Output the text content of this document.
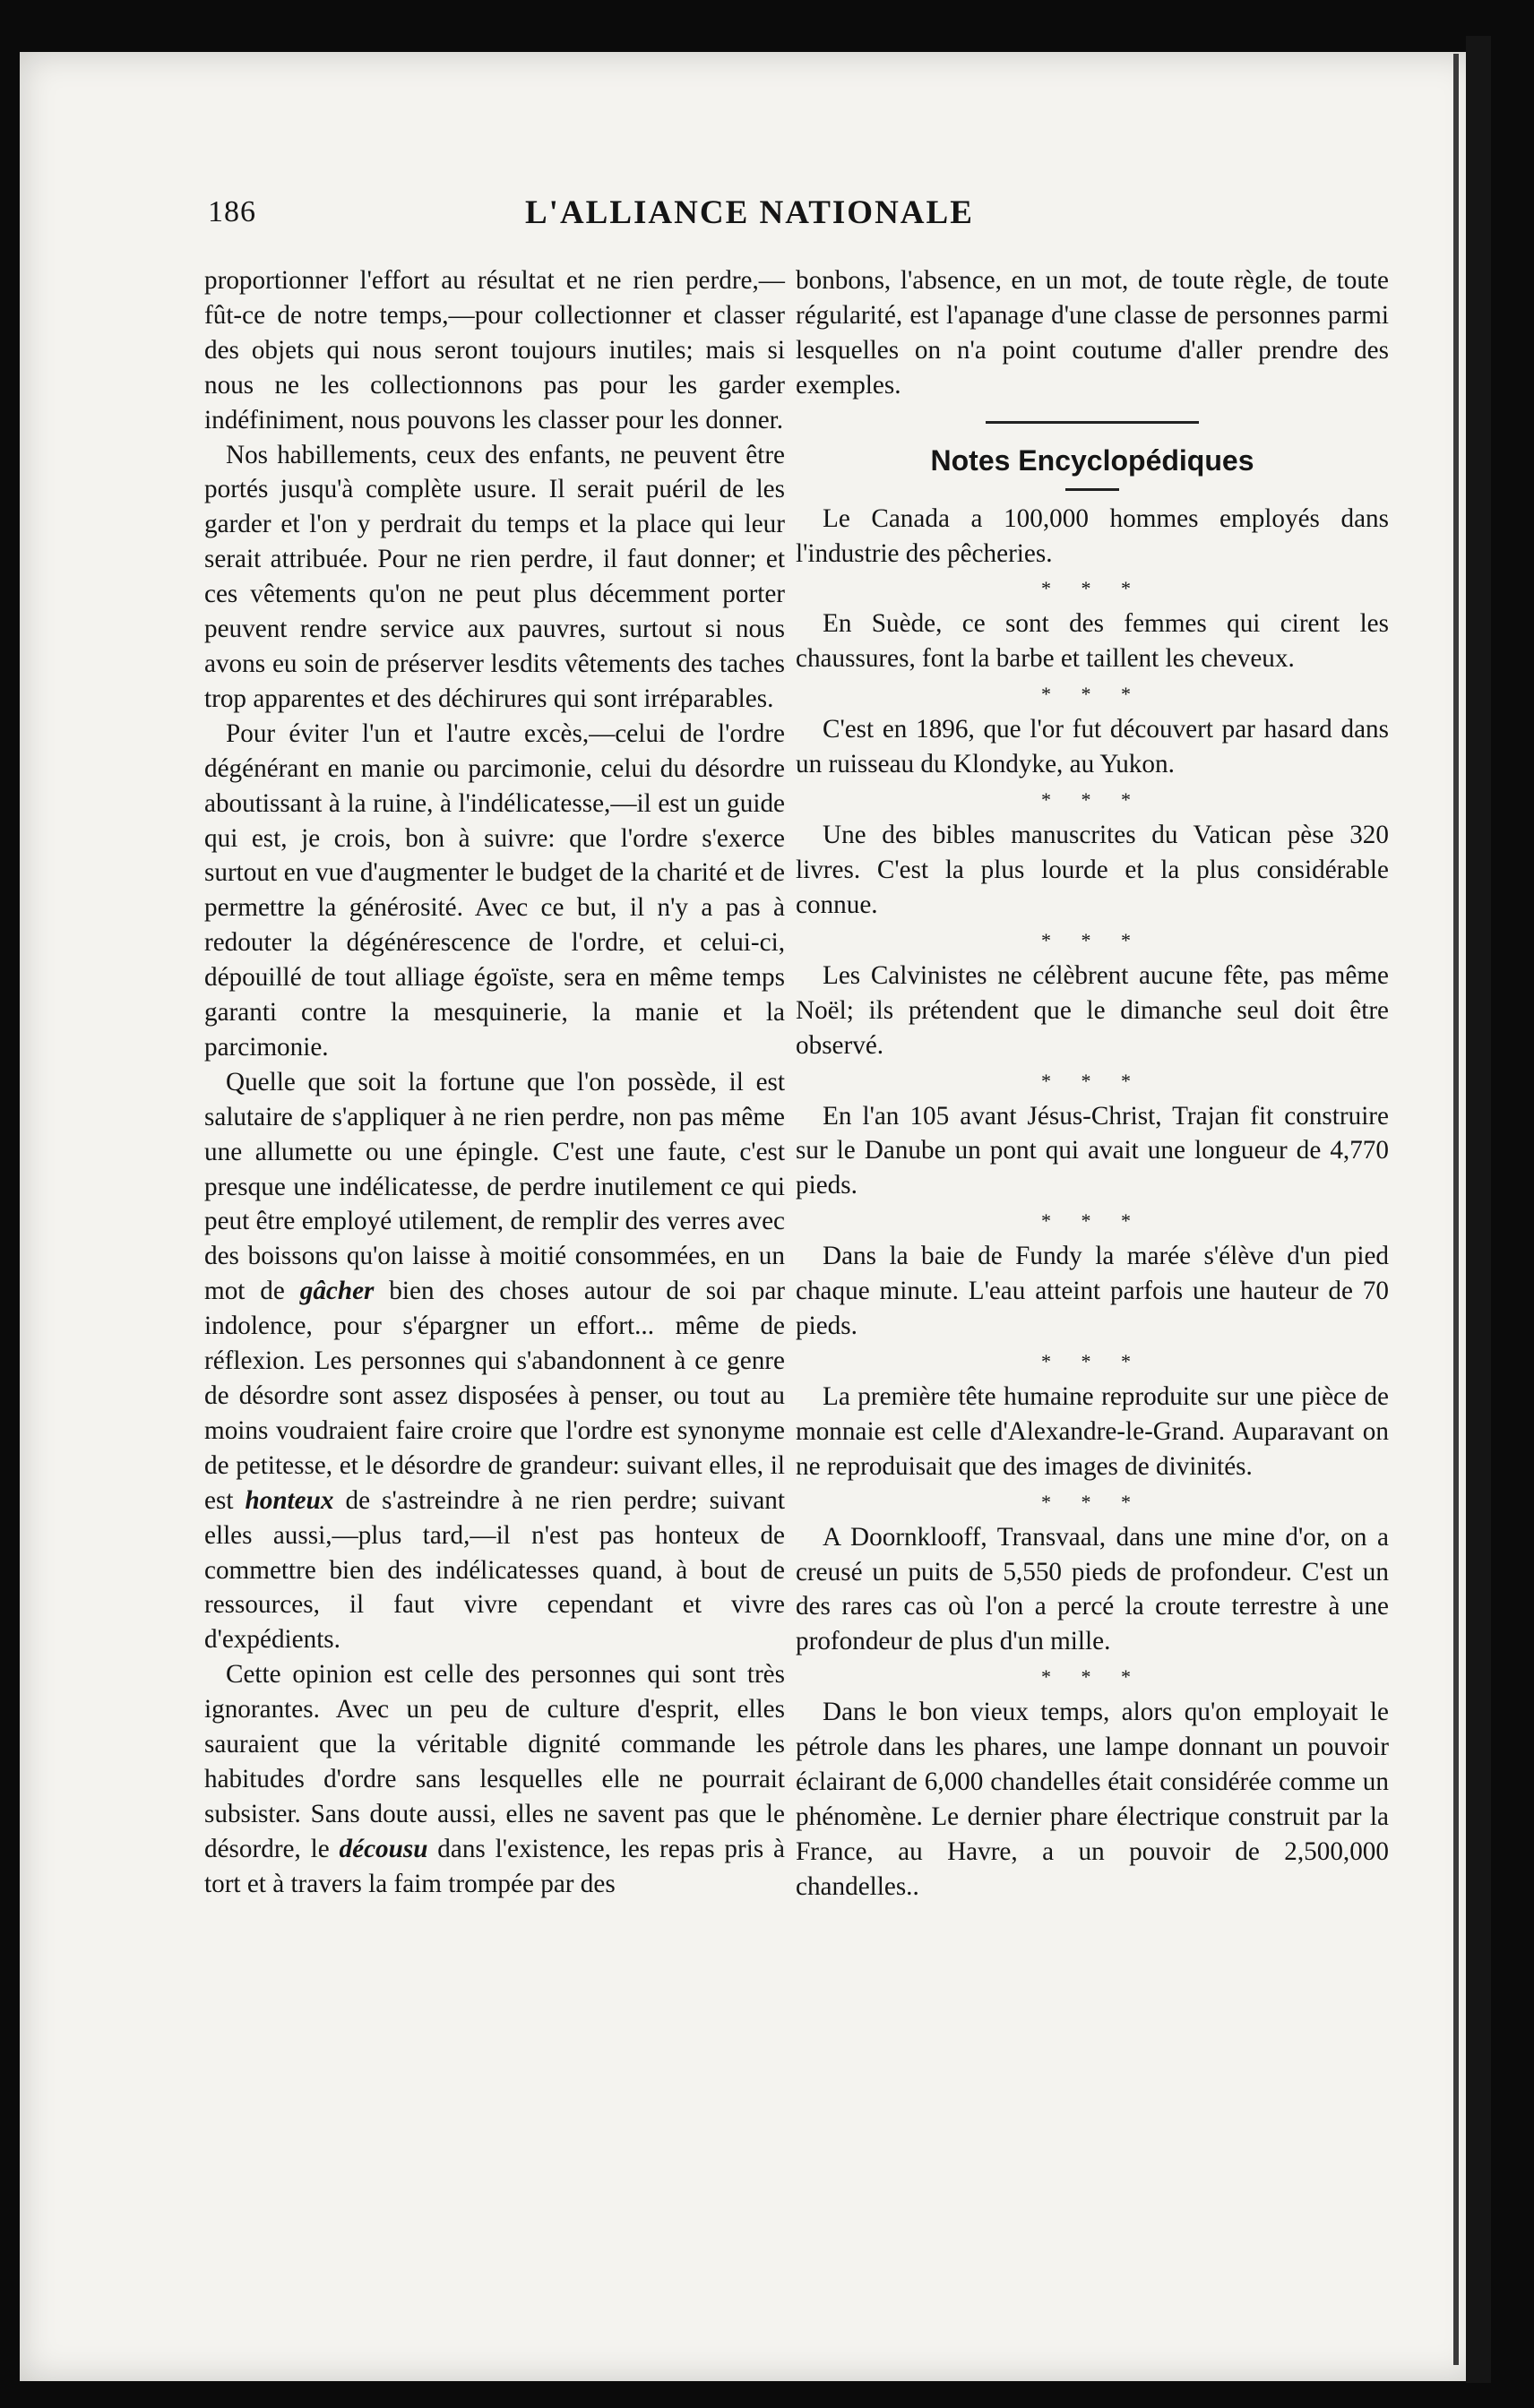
186	L'ALLIANCE NATIONALE

proportionner l'effort au résultat et ne rien perdre,—fût-ce de notre temps,—pour collectionner et classer des objets qui nous seront toujours inutiles; mais si nous ne les collectionnons pas pour les garder indéfiniment, nous pouvons les classer pour les donner.

Nos habillements, ceux des enfants, ne peuvent être portés jusqu'à complète usure. Il serait puéril de les garder et l'on y perdrait du temps et la place qui leur serait attribuée. Pour ne rien perdre, il faut donner; et ces vêtements qu'on ne peut plus décemment porter peuvent rendre service aux pauvres, surtout si nous avons eu soin de préserver lesdits vêtements des taches trop apparentes et des déchirures qui sont irréparables.

Pour éviter l'un et l'autre excès,—celui de l'ordre dégénérant en manie ou parcimonie, celui du désordre aboutissant à la ruine, à l'indélicatesse,—il est un guide qui est, je crois, bon à suivre: que l'ordre s'exerce surtout en vue d'augmenter le budget de la charité et de permettre la générosité. Avec ce but, il n'y a pas à redouter la dégénérescence de l'ordre, et celui-ci, dépouillé de tout alliage égoïste, sera en même temps garanti contre la mesquinerie, la manie et la parcimonie.

Quelle que soit la fortune que l'on possède, il est salutaire de s'appliquer à ne rien perdre, non pas même une allumette ou une épingle. C'est une faute, c'est presque une indélicatesse, de perdre inutilement ce qui peut être employé utilement, de remplir des verres avec des boissons qu'on laisse à moitié consommées, en un mot de gâcher bien des choses autour de soi par indolence, pour s'épargner un effort... même de réflexion. Les personnes qui s'abandonnent à ce genre de désordre sont assez disposées à penser, ou tout au moins voudraient faire croire que l'ordre est synonyme de petitesse, et le désordre de grandeur: suivant elles, il est honteux de s'astreindre à ne rien perdre; suivant elles aussi,—plus tard,—il n'est pas honteux de commettre bien des indélicatesses quand, à bout de ressources, il faut vivre cependant et vivre d'expédients.

Cette opinion est celle des personnes qui sont très ignorantes. Avec un peu de culture d'esprit, elles sauraient que la véritable dignité commande les habitudes d'ordre sans lesquelles elle ne pourrait subsister. Sans doute aussi, elles ne savent pas que le désordre, le décousu dans l'existence, les repas pris à tort et à travers la faim trompée par des

bonbons, l'absence, en un mot, de toute règle, de toute régularité, est l'apanage d'une classe de personnes parmi lesquelles on n'a point coutume d'aller prendre des exemples.

Notes Encyclopédiques

Le Canada a 100,000 hommes employés dans l'industrie des pêcheries.

* * *

En Suède, ce sont des femmes qui cirent les chaussures, font la barbe et taillent les cheveux.

* * *

C'est en 1896, que l'or fut découvert par hasard dans un ruisseau du Klondyke, au Yukon.

* * *

Une des bibles manuscrites du Vatican pèse 320 livres. C'est la plus lourde et la plus considérable connue.

* * *

Les Calvinistes ne célèbrent aucune fête, pas même Noël; ils prétendent que le dimanche seul doit être observé.

* * *

En l'an 105 avant Jésus-Christ, Trajan fit construire sur le Danube un pont qui avait une longueur de 4,770 pieds.

* * *

Dans la baie de Fundy la marée s'élève d'un pied chaque minute. L'eau atteint parfois une hauteur de 70 pieds.

* * *

La première tête humaine reproduite sur une pièce de monnaie est celle d'Alexandre-le-Grand. Auparavant on ne reproduisait que des images de divinités.

* * *

A Doornklooff, Transvaal, dans une mine d'or, on a creusé un puits de 5,550 pieds de profondeur. C'est un des rares cas où l'on a percé la croute terrestre à une profondeur de plus d'un mille.

* * *

Dans le bon vieux temps, alors qu'on employait le pétrole dans les phares, une lampe donnant un pouvoir éclairant de 6,000 chandelles était considérée comme un phénomène. Le dernier phare électrique construit par la France, au Havre, a un pouvoir de 2,500,000 chandelles..
